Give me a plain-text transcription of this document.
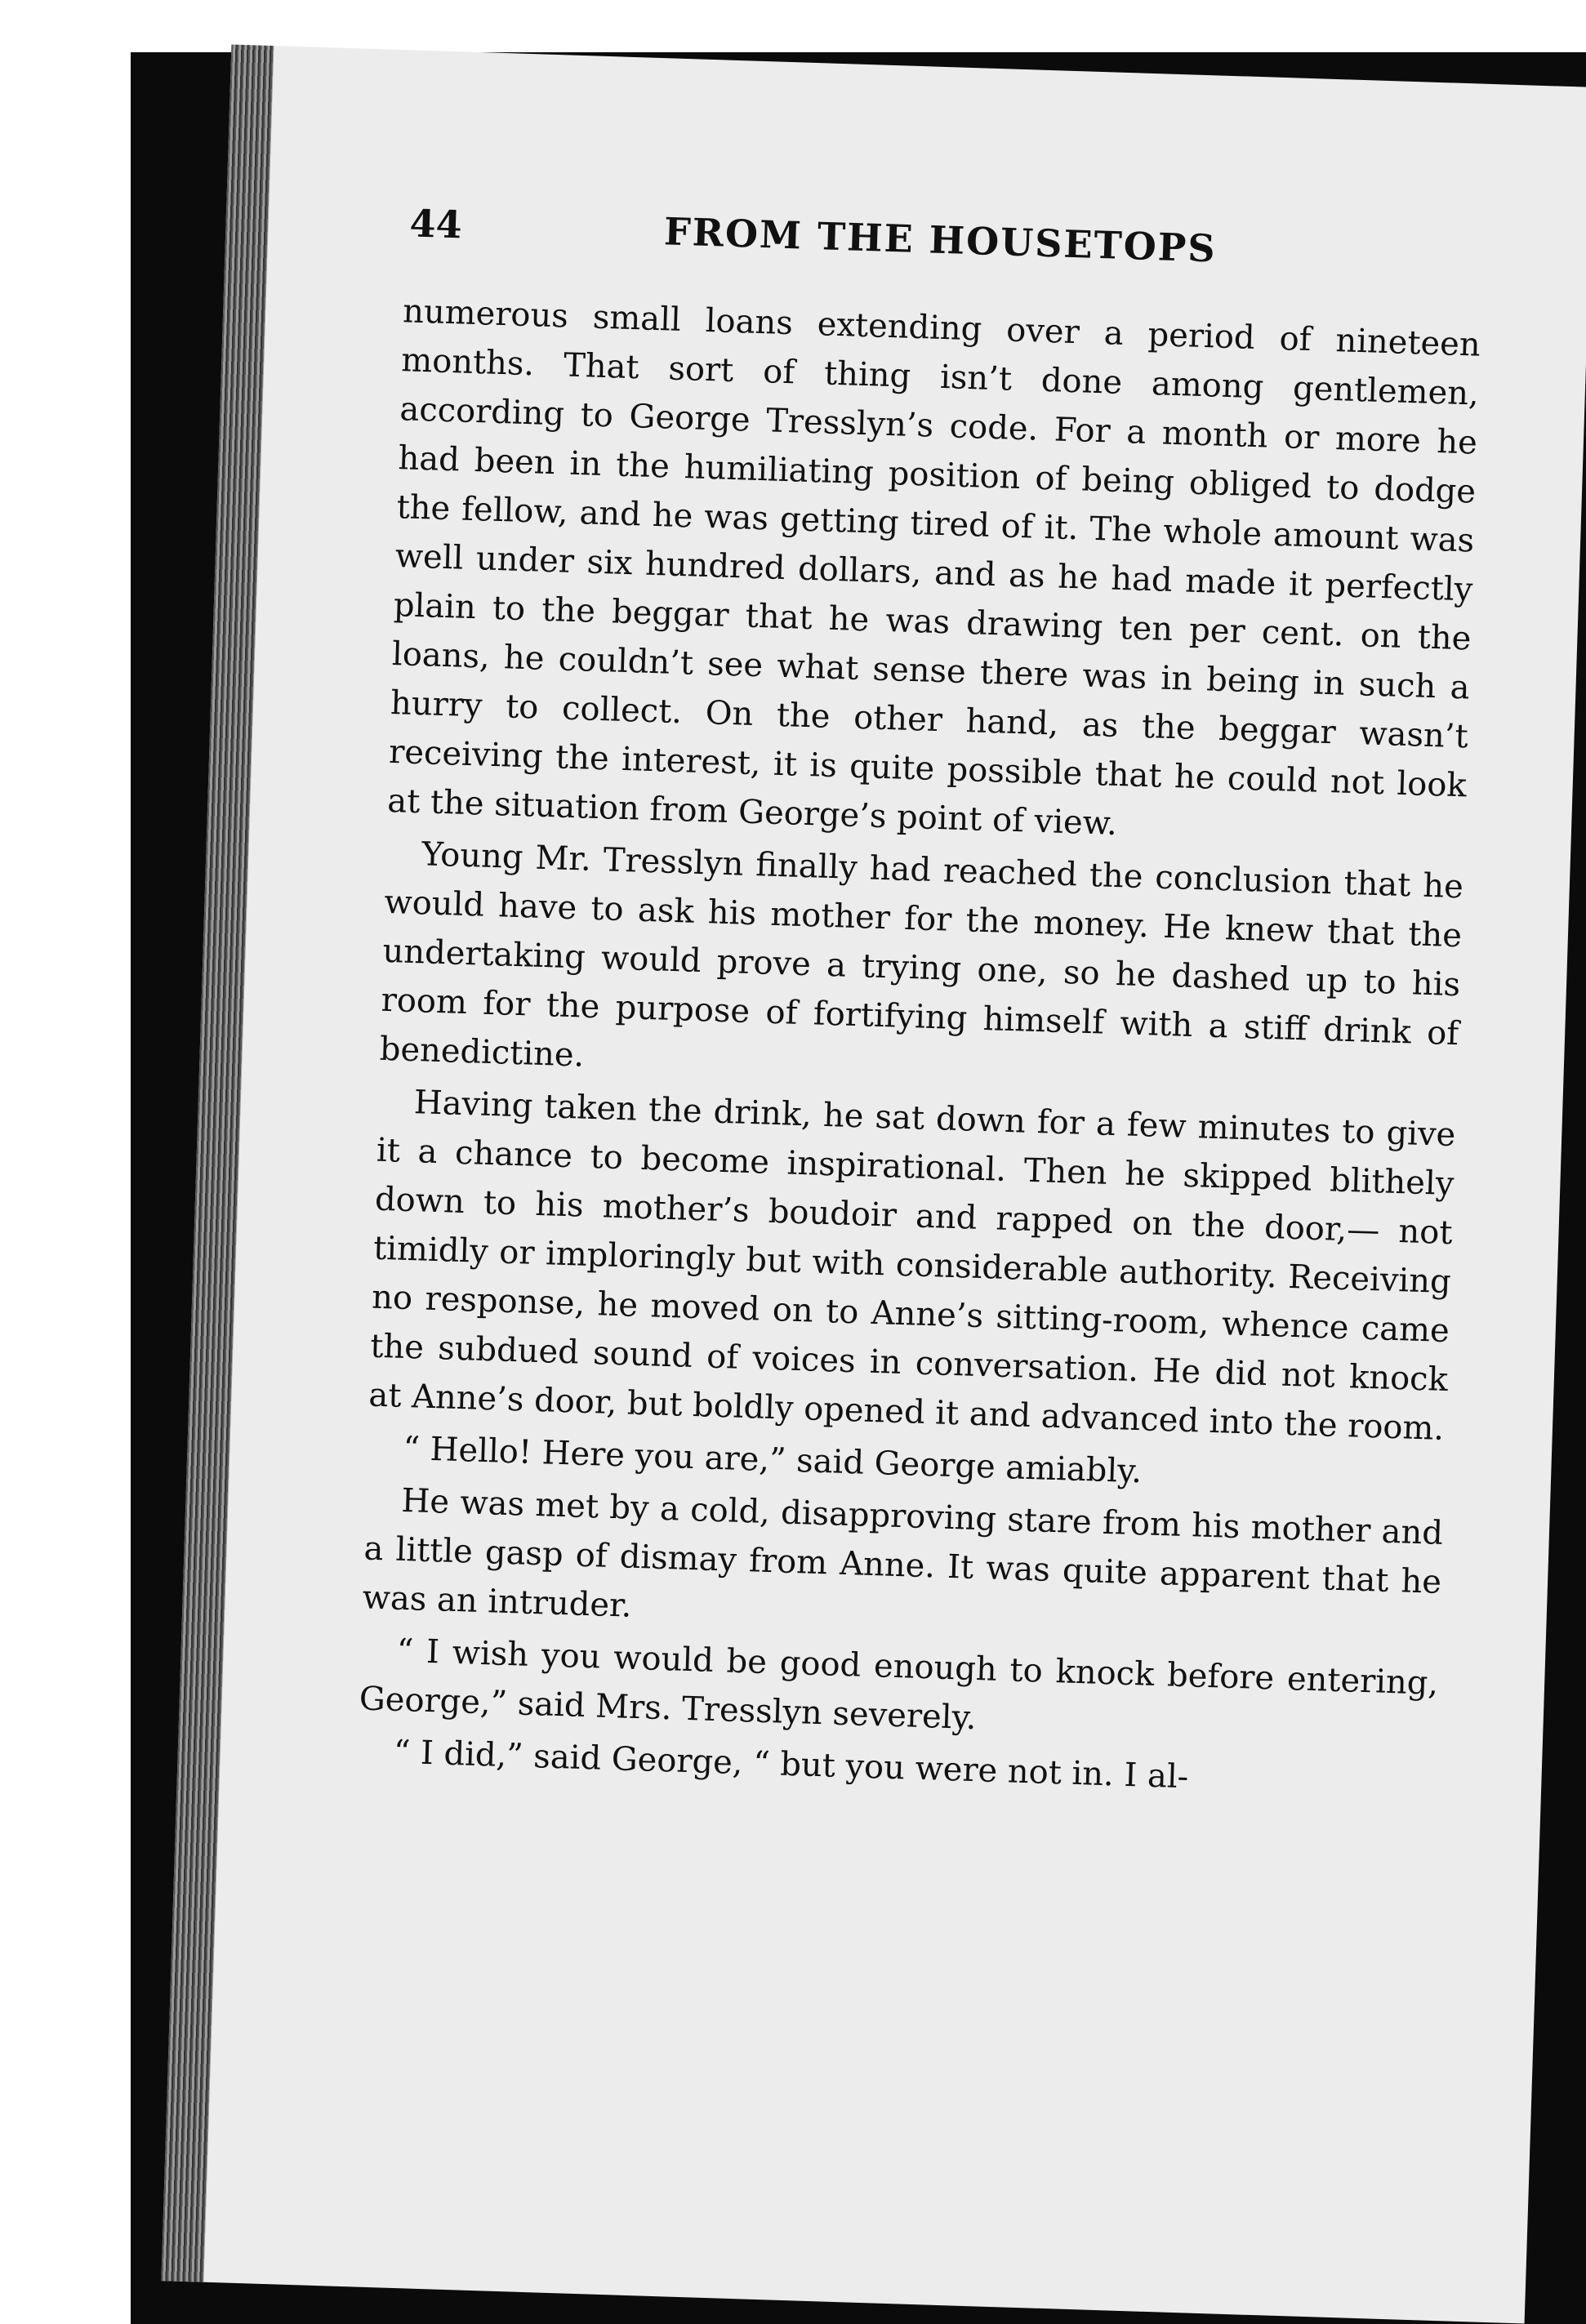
44	FROM THE HOUSETOPS

numerous small loans extending over a period of nineteen months. That sort of thing isn’t done among gentlemen, according to George Tresslyn’s code. For a month or more he had been in the humiliating position of being obliged to dodge the fellow, and he was getting tired of it. The whole amount was well under six hundred dollars, and as he had made it perfectly plain to the beggar that he was drawing ten per cent. on the loans, he couldn’t see what sense there was in being in such a hurry to collect. On the other hand, as the beggar wasn’t receiving the interest, it is quite possible that he could not look at the situation from George’s point of view.

Young Mr. Tresslyn finally had reached the conclusion that he would have to ask his mother for the money. He knew that the undertaking would prove a trying one, so he dashed up to his room for the purpose of fortifying himself with a stiff drink of benedictine.

Having taken the drink, he sat down for a few minutes to give it a chance to become inspirational. Then he skipped blithely down to his mother’s boudoir and rapped on the door,— not timidly or imploringly but with considerable authority. Receiving no response, he moved on to Anne’s sitting-room, whence came the subdued sound of voices in conversation. He did not knock at Anne’s door, but boldly opened it and advanced into the room.

“ Hello! Here you are,” said George amiably.

He was met by a cold, disapproving stare from his mother and a little gasp of dismay from Anne. It was quite apparent that he was an intruder.

“ I wish you would be good enough to knock before entering, George,” said Mrs. Tresslyn severely.

“ I did,” said George, “ but you were not in. I al-
